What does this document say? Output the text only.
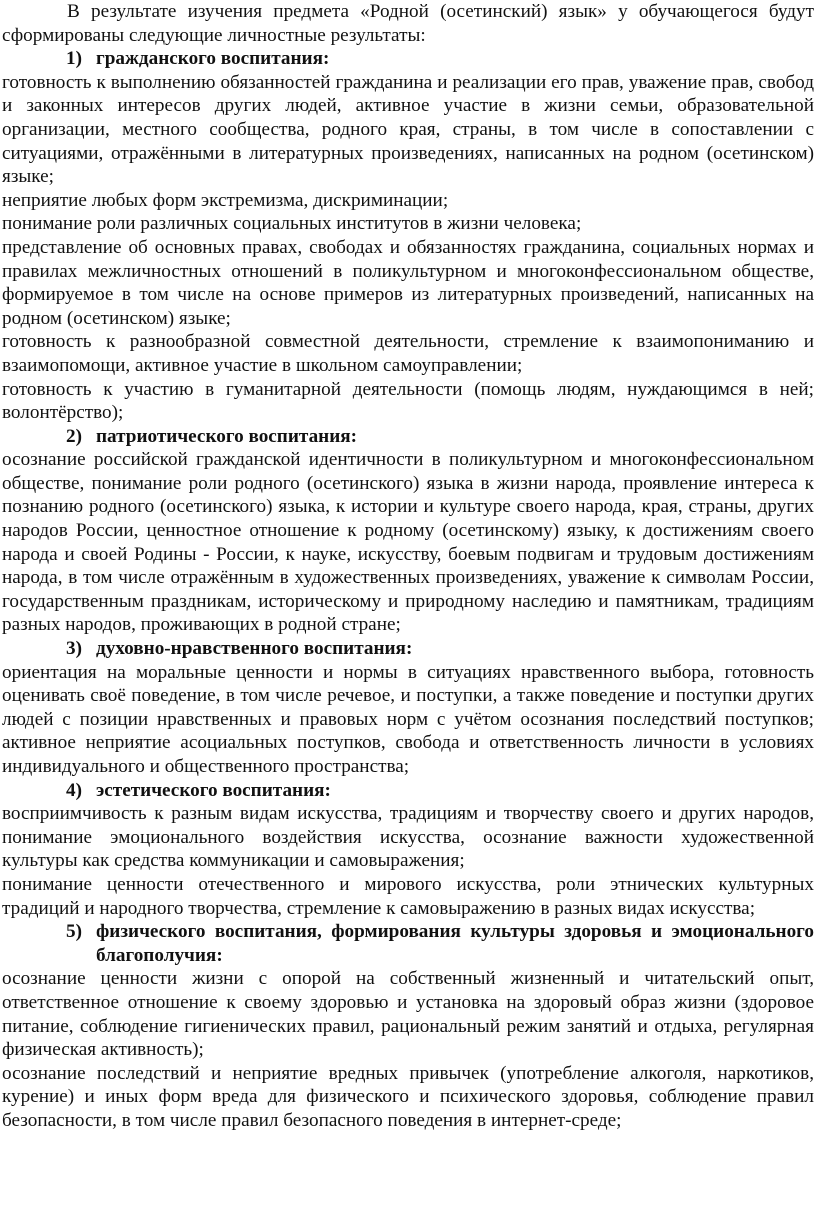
В результате изучения предмета «Родной (осетинский) язык» у обучающегося будут сформированы следующие личностные результаты:

1) гражданского воспитания:

готовность к выполнению обязанностей гражданина и реализации его прав, уважение прав, свобод и законных интересов других людей, активное участие в жизни семьи, образовательной организации, местного сообщества, родного края, страны, в том числе в сопоставлении с ситуациями, отражёнными в литературных произведениях, написанных на родном (осетинском) языке;

неприятие любых форм экстремизма, дискриминации;

понимание роли различных социальных институтов в жизни человека;

представление об основных правах, свободах и обязанностях гражданина, социальных нормах и правилах межличностных отношений в поликультурном и многоконфессиональном обществе, формируемое в том числе на основе примеров из литературных произведений, написанных на родном (осетинском) языке;

готовность к разнообразной совместной деятельности, стремление к взаимопониманию и взаимопомощи, активное участие в школьном самоуправлении;

готовность к участию в гуманитарной деятельности (помощь людям, нуждающимся в ней; волонтёрство);

2) патриотического воспитания:

осознание российской гражданской идентичности в поликультурном и многоконфессиональном обществе, понимание роли родного (осетинского) языка в жизни народа, проявление интереса к познанию родного (осетинского) языка, к истории и культуре своего народа, края, страны, других народов России, ценностное отношение к родному (осетинскому) языку, к достижениям своего народа и своей Родины - России, к науке, искусству, боевым подвигам и трудовым достижениям народа, в том числе отражённым в художественных произведениях, уважение к символам России, государственным праздникам, историческому и природному наследию и памятникам, традициям разных народов, проживающих в родной стране;

3) духовно-нравственного воспитания:

ориентация на моральные ценности и нормы в ситуациях нравственного выбора, готовность оценивать своё поведение, в том числе речевое, и поступки, а также поведение и поступки других людей с позиции нравственных и правовых норм с учётом осознания последствий поступков; активное неприятие асоциальных поступков, свобода и ответственность личности в условиях индивидуального и общественного пространства;

4) эстетического воспитания:

восприимчивость к разным видам искусства, традициям и творчеству своего и других народов, понимание эмоционального воздействия искусства, осознание важности художественной культуры как средства коммуникации и самовыражения;

понимание ценности отечественного и мирового искусства, роли этнических культурных традиций и народного творчества, стремление к самовыражению в разных видах искусства;

5) физического воспитания, формирования культуры здоровья и эмоционального благополучия:

осознание ценности жизни с опорой на собственный жизненный и читательский опыт, ответственное отношение к своему здоровью и установка на здоровый образ жизни (здоровое питание, соблюдение гигиенических правил, рациональный режим занятий и отдыха, регулярная физическая активность);

осознание последствий и неприятие вредных привычек (употребление алкоголя, наркотиков, курение) и иных форм вреда для физического и психического здоровья, соблюдение правил безопасности, в том числе правил безопасного поведения в интернет-среде;
